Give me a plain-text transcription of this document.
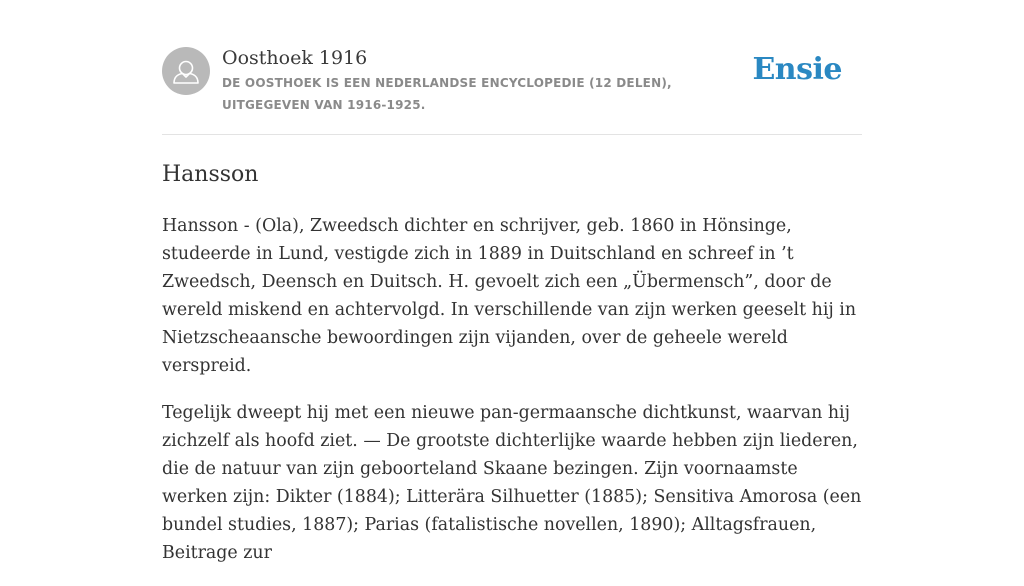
Oosthoek 1916
DE OOSTHOEK IS EEN NEDERLANDSE ENCYCLOPEDIE (12 DELEN), UITGEGEVEN VAN 1916-1925.
Ensie
Hansson

Hansson - (Ola), Zweedsch dichter en schrijver, geb. 1860 in Hönsinge, studeerde in Lund, vestigde zich in 1889 in Duitschland en schreef in ’t Zweedsch, Deensch en Duitsch. H. gevoelt zich een „Übermensch”, door de wereld miskend en achtervolgd. In verschillende van zijn werken geeselt hij in Nietzscheaansche bewoordingen zijn vijanden, over de geheele wereld verspreid.

Tegelijk dweept hij met een nieuwe pan-germaansche dichtkunst, waarvan hij zichzelf als hoofd ziet. — De grootste dichterlijke waarde hebben zijn liederen, die de natuur van zijn geboorteland Skaane bezingen. Zijn voornaamste werken zijn: Dikter (1884); Litterära Silhuetter (1885); Sensitiva Amorosa (een bundel studies, 1887); Parias (fatalistische novellen, 1890); Alltagsfrauen, Beitrage zur
